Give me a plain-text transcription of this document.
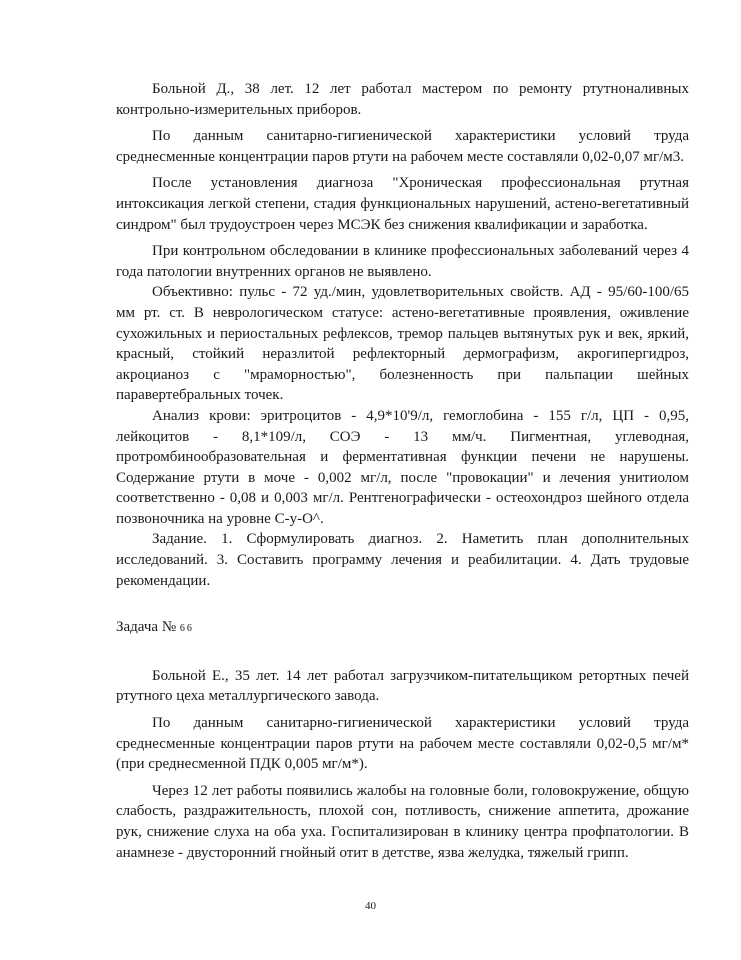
Больной Д., 38 лет. 12 лет работал мастером по ремонту ртутноналивных контрольно-измерительных приборов.

По данным санитарно-гигиенической характеристики условий труда среднесменные концентрации паров ртути на рабочем месте составляли 0,02-0,07 мг/м3.

После установления диагноза "Хроническая профессиональная ртутная интоксикация легкой степени, стадия функциональных нарушений, астено-вегетативный синдром" был трудоустроен через МСЭК без снижения квалификации и заработка.

При контрольном обследовании в клинике профессиональных заболеваний через 4 года патологии внутренних органов не выявлено.

Объективно: пульс - 72 уд./мин, удовлетворительных свойств. АД - 95/60-100/65 мм рт. ст. В неврологическом статусе: астено-вегетативные проявления, оживление сухожильных и периостальных рефлексов, тремор пальцев вытянутых рук и век, яркий, красный, стойкий неразлитой рефлекторный дермографизм, акрогипергидроз, акроцианоз с "мраморностью", болезненность при пальпации шейных паравертебральных точек.

Анализ крови: эритроцитов - 4,9*10'9/л, гемоглобина - 155 г/л, ЦП - 0,95, лейкоцитов - 8,1*109/л, СОЭ - 13 мм/ч. Пигментная, углеводная, протромбинообразовательная и ферментативная функции печени не нарушены. Содержание ртути в моче - 0,002 мг/л, после "провокации" и лечения унитиолом соответственно - 0,08 и 0,003 мг/л. Рентгенографически - остеохондроз шейного отдела позвоночника на уровне С-у-О^.

Задание. 1. Сформулировать диагноз. 2. Наметить план дополнительных исследований. 3. Составить программу лечения и реабилитации. 4. Дать трудовые рекомендации.

Задача № 66

Больной Е., 35 лет. 14 лет работал загрузчиком-питательщиком ретортных печей ртутного цеха металлургического завода.

По данным санитарно-гигиенической характеристики условий труда среднесменные концентрации паров ртути на рабочем месте составляли 0,02-0,5 мг/м* (при среднесменной ПДК 0,005 мг/м*).

Через 12 лет работы появились жалобы на головные боли, головокружение, общую слабость, раздражительность, плохой сон, потливость, снижение аппетита, дрожание рук, снижение слуха на оба уха. Госпитализирован в клинику центра профпатологии. В анамнезе - двусторонний гнойный отит в детстве, язва желудка, тяжелый грипп.

40
